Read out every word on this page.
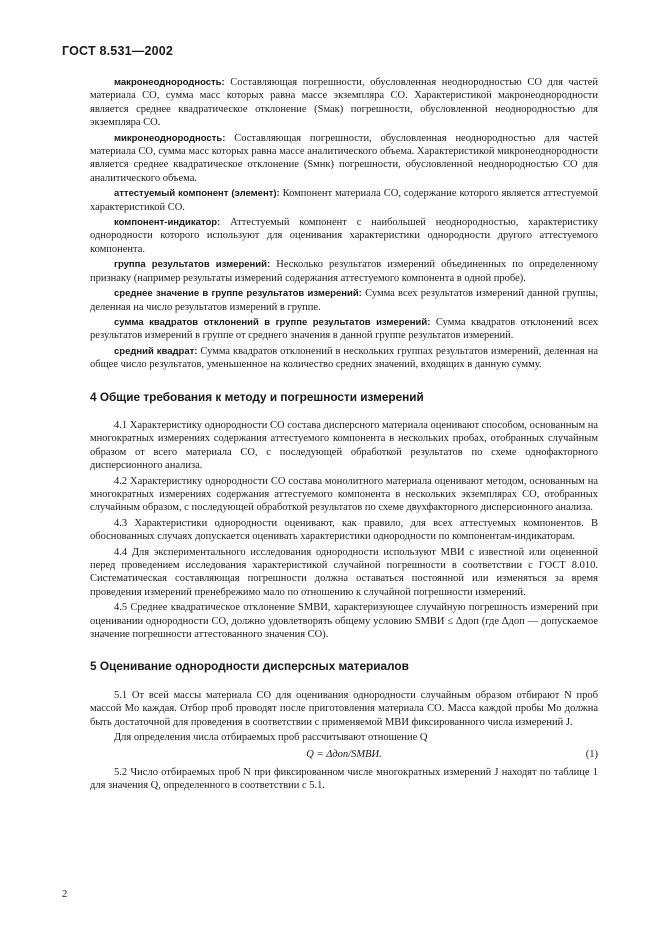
ГОСТ 8.531—2002

макронеоднородность: Составляющая погрешности, обусловленная неоднородностью СО для частей материала СО, сумма масс которых равна массе экземпляра СО. Характеристикой макронеоднородности является среднее квадратическое отклонение (Sмак) погрешности, обусловленной неоднородностью для экземпляра СО.

микронеоднородность: Составляющая погрешности, обусловленная неоднородностью для частей материала СО, сумма масс которых равна массе аналитического объема. Характеристикой микронеоднородности является среднее квадратическое отклонение (Sмнк) погрешности, обусловленной неоднородностью СО для аналитического объема.

аттестуемый компонент (элемент): Компонент материала СО, содержание которого является аттестуемой характеристикой СО.

компонент-индикатор: Аттестуемый компонент с наибольшей неоднородностью, характеристику однородности которого используют для оценивания характеристики однородности другого аттестуемого компонента.

группа результатов измерений: Несколько результатов измерений объединенных по определенному признаку (например результаты измерений содержания аттестуемого компонента в одной пробе).

среднее значение в группе результатов измерений: Сумма всех результатов измерений данной группы, деленная на число результатов измерений в группе.

сумма квадратов отклонений в группе результатов измерений: Сумма квадратов отклонений всех результатов измерений в группе от среднего значения в данной группе результатов измерений.

средний квадрат: Сумма квадратов отклонений в нескольких группах результатов измерений, деленная на общее число результатов, уменьшенное на количество средних значений, входящих в данную сумму.

4 Общие требования к методу и погрешности измерений

4.1 Характеристику однородности СО состава дисперсного материала оценивают способом, основанным на многократных измерениях содержания аттестуемого компонента в нескольких пробах, отобранных случайным образом от всего материала СО, с последующей обработкой результатов по схеме однофакторного дисперсионного анализа.

4.2 Характеристику однородности СО состава монолитного материала оценивают методом, основанным на многократных измерениях содержания аттестуемого компонента в нескольких экземплярах СО, отобранных случайным образом, с последующей обработкой результатов по схеме двухфакторного дисперсионного анализа.

4.3 Характеристики однородности оценивают, как правило, для всех аттестуемых компонентов. В обоснованных случаях допускается оценивать характеристики однородности по компонентам-индикаторам.

4.4 Для экспериментального исследования однородности используют МВИ с известной или оцененной перед проведением исследования характеристикой случайной погрешности в соответствии с ГОСТ 8.010. Систематическая составляющая погрешности должна оставаться постоянной или изменяться за время проведения измерений пренебрежимо мало по отношению к случайной погрешности измерений.

4.5 Среднее квадратическое отклонение SМВИ, характеризующее случайную погрешность измерений при оценивании однородности СО, должно удовлетворять общему условию SМВИ ≤ Δдоп (где Δдоп — допускаемое значение погрешности аттестованного значения СО).

5 Оценивание однородности дисперсных материалов

5.1 От всей массы материала СО для оценивания однородности случайным образом отбирают N проб массой Mо каждая. Отбор проб проводят после приготовления материала СО. Масса каждой пробы Mо должна быть достаточной для проведения в соответствии с применяемой МВИ фиксированного числа измерений J.

Для определения числа отбираемых проб рассчитывают отношение Q

Q = Δдоп/SМВИ.	(1)

5.2 Число отбираемых проб N при фиксированном числе многократных измерений J находят по таблице 1 для значения Q, определенного в соответствии с 5.1.

2
